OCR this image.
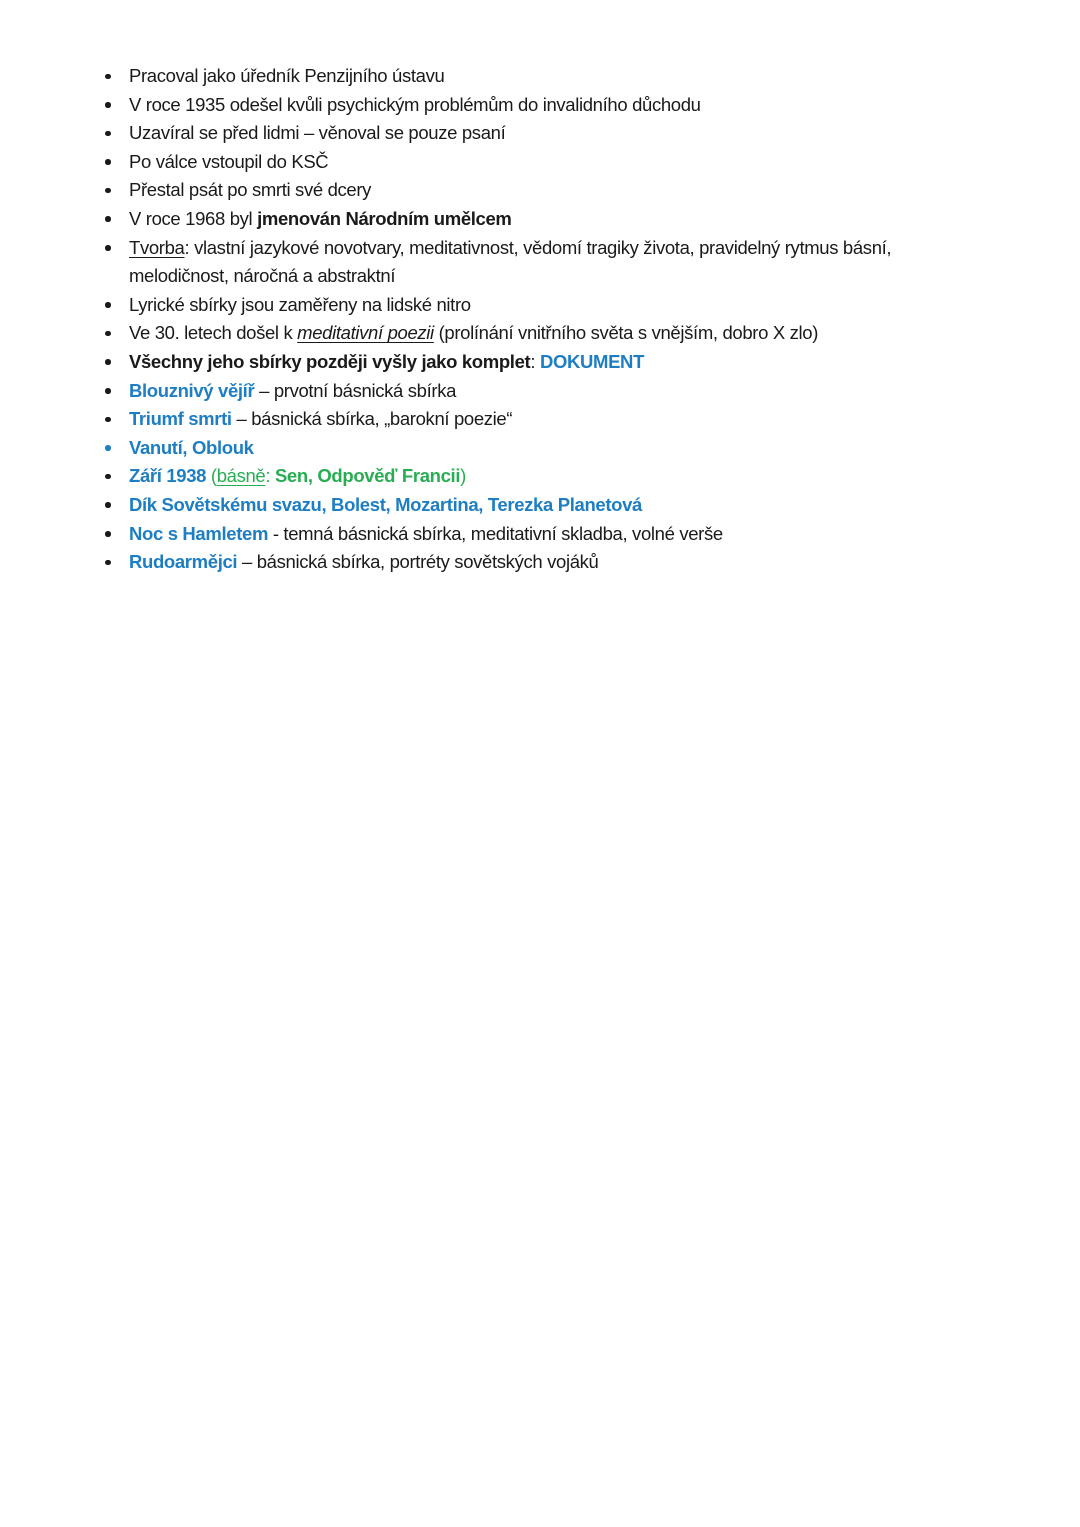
Pracoval jako úředník Penzijního ústavu
V roce 1935 odešel kvůli psychickým problémům do invalidního důchodu
Uzavíral se před lidmi – věnoval se pouze psaní
Po válce vstoupil do KSČ
Přestal psát po smrti své dcery
V roce 1968 byl jmenován Národním umělcem
Tvorba: vlastní jazykové novotvary, meditativnost, vědomí tragiky života, pravidelný rytmus básní,
melodičnost, náročná a abstraktní
Lyrické sbírky jsou zaměřeny na lidské nitro
Ve 30. letech došel k meditativní poezii (prolínání vnitřního světa s vnějším, dobro X zlo)
Všechny jeho sbírky později vyšly jako komplet: DOKUMENT
Blouznivý vějíř – prvotní básnická sbírka
Triumf smrti – básnická sbírka, „barokní poezie“
Vanutí, Oblouk
Září 1938 (básně: Sen, Odpověď Francii)
Dík Sovětskému svazu, Bolest, Mozartina, Terezka Planetová
Noc s Hamletem - temná básnická sbírka, meditativní skladba, volné verše
Rudoarmějci – básnická sbírka, portréty sovětských vojáků
